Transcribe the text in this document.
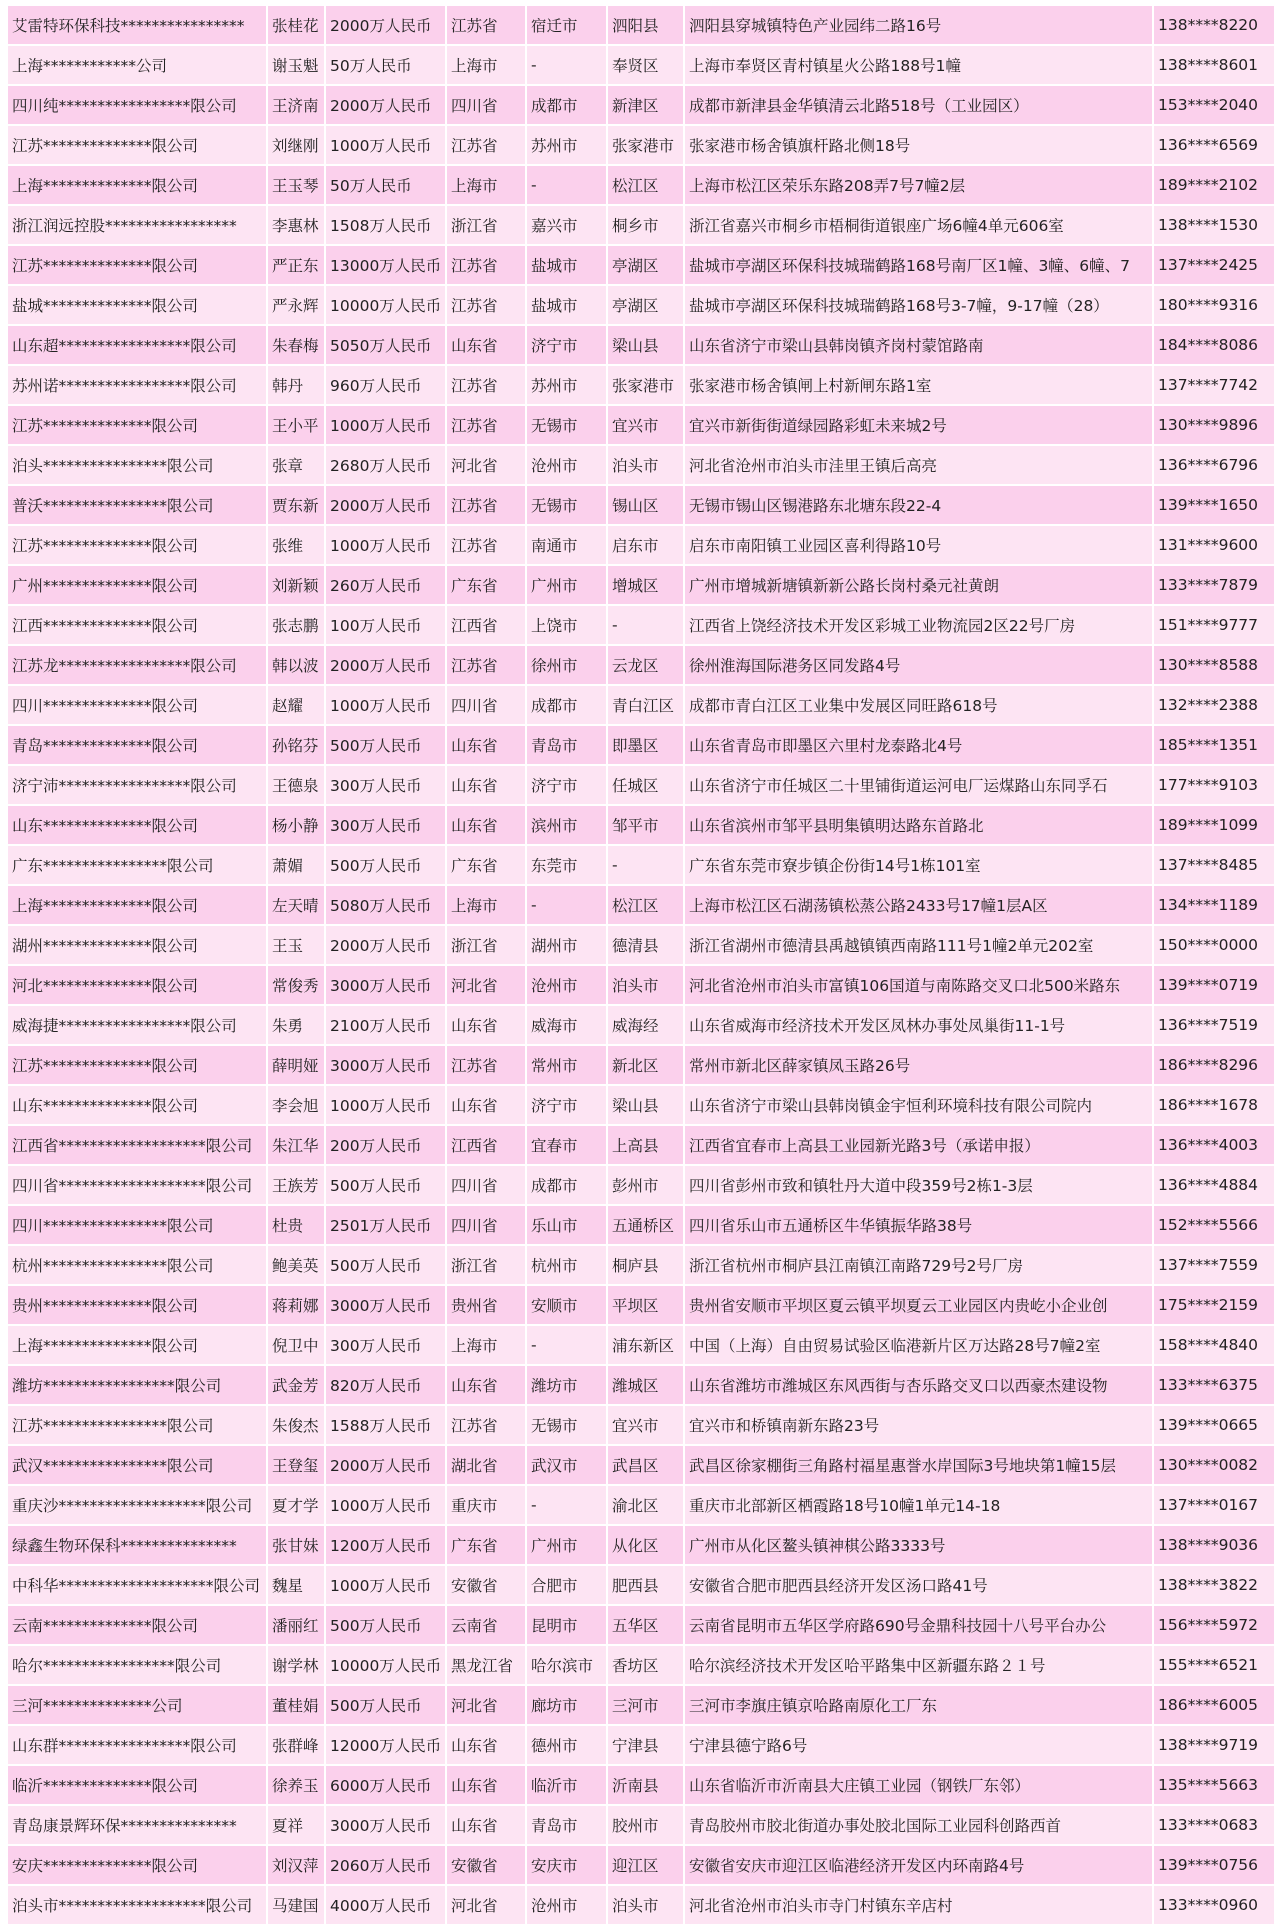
艾雷特环保科技****************	张桂花	2000万人民币	江苏省	宿迁市	泗阳县	泗阳县穿城镇特色产业园纬二路16号	138****8220
上海************公司	谢玉魁	50万人民币	上海市	-	奉贤区	上海市奉贤区青村镇星火公路188号1幢	138****8601
四川纯*****************限公司	王济南	2000万人民币	四川省	成都市	新津区	成都市新津县金华镇清云北路518号（工业园区）	153****2040
江苏**************限公司	刘继刚	1000万人民币	江苏省	苏州市	张家港市	张家港市杨舍镇旗杆路北侧18号	136****6569
上海**************限公司	王玉琴	50万人民币	上海市	-	松江区	上海市松江区荣乐东路208弄7号7幢2层	189****2102
浙江润远控股*****************	李惠林	1508万人民币	浙江省	嘉兴市	桐乡市	浙江省嘉兴市桐乡市梧桐街道银座广场6幢4单元606室	138****1530
江苏**************限公司	严正东	13000万人民币	江苏省	盐城市	亭湖区	盐城市亭湖区环保科技城瑞鹤路168号南厂区1幢、3幢、6幢、7	137****2425
盐城**************限公司	严永辉	10000万人民币	江苏省	盐城市	亭湖区	盐城市亭湖区环保科技城瑞鹤路168号3-7幢，9-17幢（28）	180****9316
山东超*****************限公司	朱春梅	5050万人民币	山东省	济宁市	梁山县	山东省济宁市梁山县韩岗镇齐岗村蒙馆路南	184****8086
苏州诺*****************限公司	韩丹	960万人民币	江苏省	苏州市	张家港市	张家港市杨舍镇闸上村新闸东路1室	137****7742
江苏**************限公司	王小平	1000万人民币	江苏省	无锡市	宜兴市	宜兴市新街街道绿园路彩虹未来城2号	130****9896
泊头****************限公司	张章	2680万人民币	河北省	沧州市	泊头市	河北省沧州市泊头市洼里王镇后高亮	136****6796
普沃****************限公司	贾东新	2000万人民币	江苏省	无锡市	锡山区	无锡市锡山区锡港路东北塘东段22-4	139****1650
江苏**************限公司	张维	1000万人民币	江苏省	南通市	启东市	启东市南阳镇工业园区喜利得路10号	131****9600
广州**************限公司	刘新颖	260万人民币	广东省	广州市	增城区	广州市增城新塘镇新新公路长岗村桑元社黄朗	133****7879
江西**************限公司	张志鹏	100万人民币	江西省	上饶市	-	江西省上饶经济技术开发区彩城工业物流园2区22号厂房	151****9777
江苏龙*****************限公司	韩以波	2000万人民币	江苏省	徐州市	云龙区	徐州淮海国际港务区同发路4号	130****8588
四川**************限公司	赵耀	1000万人民币	四川省	成都市	青白江区	成都市青白江区工业集中发展区同旺路618号	132****2388
青岛**************限公司	孙铭芬	500万人民币	山东省	青岛市	即墨区	山东省青岛市即墨区六里村龙泰路北4号	185****1351
济宁沛*****************限公司	王德泉	300万人民币	山东省	济宁市	任城区	山东省济宁市任城区二十里铺街道运河电厂运煤路山东同孚石	177****9103
山东**************限公司	杨小静	300万人民币	山东省	滨州市	邹平市	山东省滨州市邹平县明集镇明达路东首路北	189****1099
广东****************限公司	萧媚	500万人民币	广东省	东莞市	-	广东省东莞市寮步镇企份街14号1栋101室	137****8485
上海**************限公司	左天晴	5080万人民币	上海市	-	松江区	上海市松江区石湖荡镇松蒸公路2433号17幢1层A区	134****1189
湖州**************限公司	王玉	2000万人民币	浙江省	湖州市	德清县	浙江省湖州市德清县禹越镇镇西南路111号1幢2单元202室	150****0000
河北**************限公司	常俊秀	3000万人民币	河北省	沧州市	泊头市	河北省沧州市泊头市富镇106国道与南陈路交叉口北500米路东	139****0719
威海捷*****************限公司	朱勇	2100万人民币	山东省	威海市	威海经	山东省威海市经济技术开发区凤林办事处凤巢街11-1号	136****7519
江苏**************限公司	薛明娅	3000万人民币	江苏省	常州市	新北区	常州市新北区薛家镇凤玉路26号	186****8296
山东**************限公司	李会旭	1000万人民币	山东省	济宁市	梁山县	山东省济宁市梁山县韩岗镇金宇恒利环境科技有限公司院内	186****1678
江西省*******************限公司	朱江华	200万人民币	江西省	宜春市	上高县	江西省宜春市上高县工业园新光路3号（承诺申报）	136****4003
四川省*******************限公司	王族芳	500万人民币	四川省	成都市	彭州市	四川省彭州市致和镇牡丹大道中段359号2栋1-3层	136****4884
四川****************限公司	杜贵	2501万人民币	四川省	乐山市	五通桥区	四川省乐山市五通桥区牛华镇振华路38号	152****5566
杭州****************限公司	鲍美英	500万人民币	浙江省	杭州市	桐庐县	浙江省杭州市桐庐县江南镇江南路729号2号厂房	137****7559
贵州**************限公司	蒋莉娜	3000万人民币	贵州省	安顺市	平坝区	贵州省安顺市平坝区夏云镇平坝夏云工业园区内贵屹小企业创	175****2159
上海**************限公司	倪卫中	300万人民币	上海市	-	浦东新区	中国（上海）自由贸易试验区临港新片区万达路28号7幢2室	158****4840
潍坊*****************限公司	武金芳	820万人民币	山东省	潍坊市	潍城区	山东省潍坊市潍城区东风西街与杏乐路交叉口以西豪杰建设物	133****6375
江苏****************限公司	朱俊杰	1588万人民币	江苏省	无锡市	宜兴市	宜兴市和桥镇南新东路23号	139****0665
武汉****************限公司	王登玺	2000万人民币	湖北省	武汉市	武昌区	武昌区徐家棚街三角路村福星惠誉水岸国际3号地块第1幢15层	130****0082
重庆沙*******************限公司	夏才学	1000万人民币	重庆市	-	渝北区	重庆市北部新区栖霞路18号10幢1单元14-18	137****0167
绿鑫生物环保科***************	张甘妹	1200万人民币	广东省	广州市	从化区	广州市从化区鳌头镇神棋公路3333号	138****9036
中科华********************限公司	魏星	1000万人民币	安徽省	合肥市	肥西县	安徽省合肥市肥西县经济开发区汤口路41号	138****3822
云南**************限公司	潘丽红	500万人民币	云南省	昆明市	五华区	云南省昆明市五华区学府路690号金鼎科技园十八号平台办公	156****5972
哈尔*****************限公司	谢学林	10000万人民币	黑龙江省	哈尔滨市	香坊区	哈尔滨经济技术开发区哈平路集中区新疆东路２１号	155****6521
三河**************公司	董桂娟	500万人民币	河北省	廊坊市	三河市	三河市李旗庄镇京哈路南原化工厂东	186****6005
山东群*****************限公司	张群峰	12000万人民币	山东省	德州市	宁津县	宁津县德宁路6号	138****9719
临沂**************限公司	徐养玉	6000万人民币	山东省	临沂市	沂南县	山东省临沂市沂南县大庄镇工业园（钢铁厂东邻）	135****5663
青岛康景辉环保***************	夏祥	3000万人民币	山东省	青岛市	胶州市	青岛胶州市胶北街道办事处胶北国际工业园科创路西首	133****0683
安庆**************限公司	刘汉萍	2060万人民币	安徽省	安庆市	迎江区	安徽省安庆市迎江区临港经济开发区内环南路4号	139****0756
泊头市*******************限公司	马建国	4000万人民币	河北省	沧州市	泊头市	河北省沧州市泊头市寺门村镇东辛店村	133****0960
